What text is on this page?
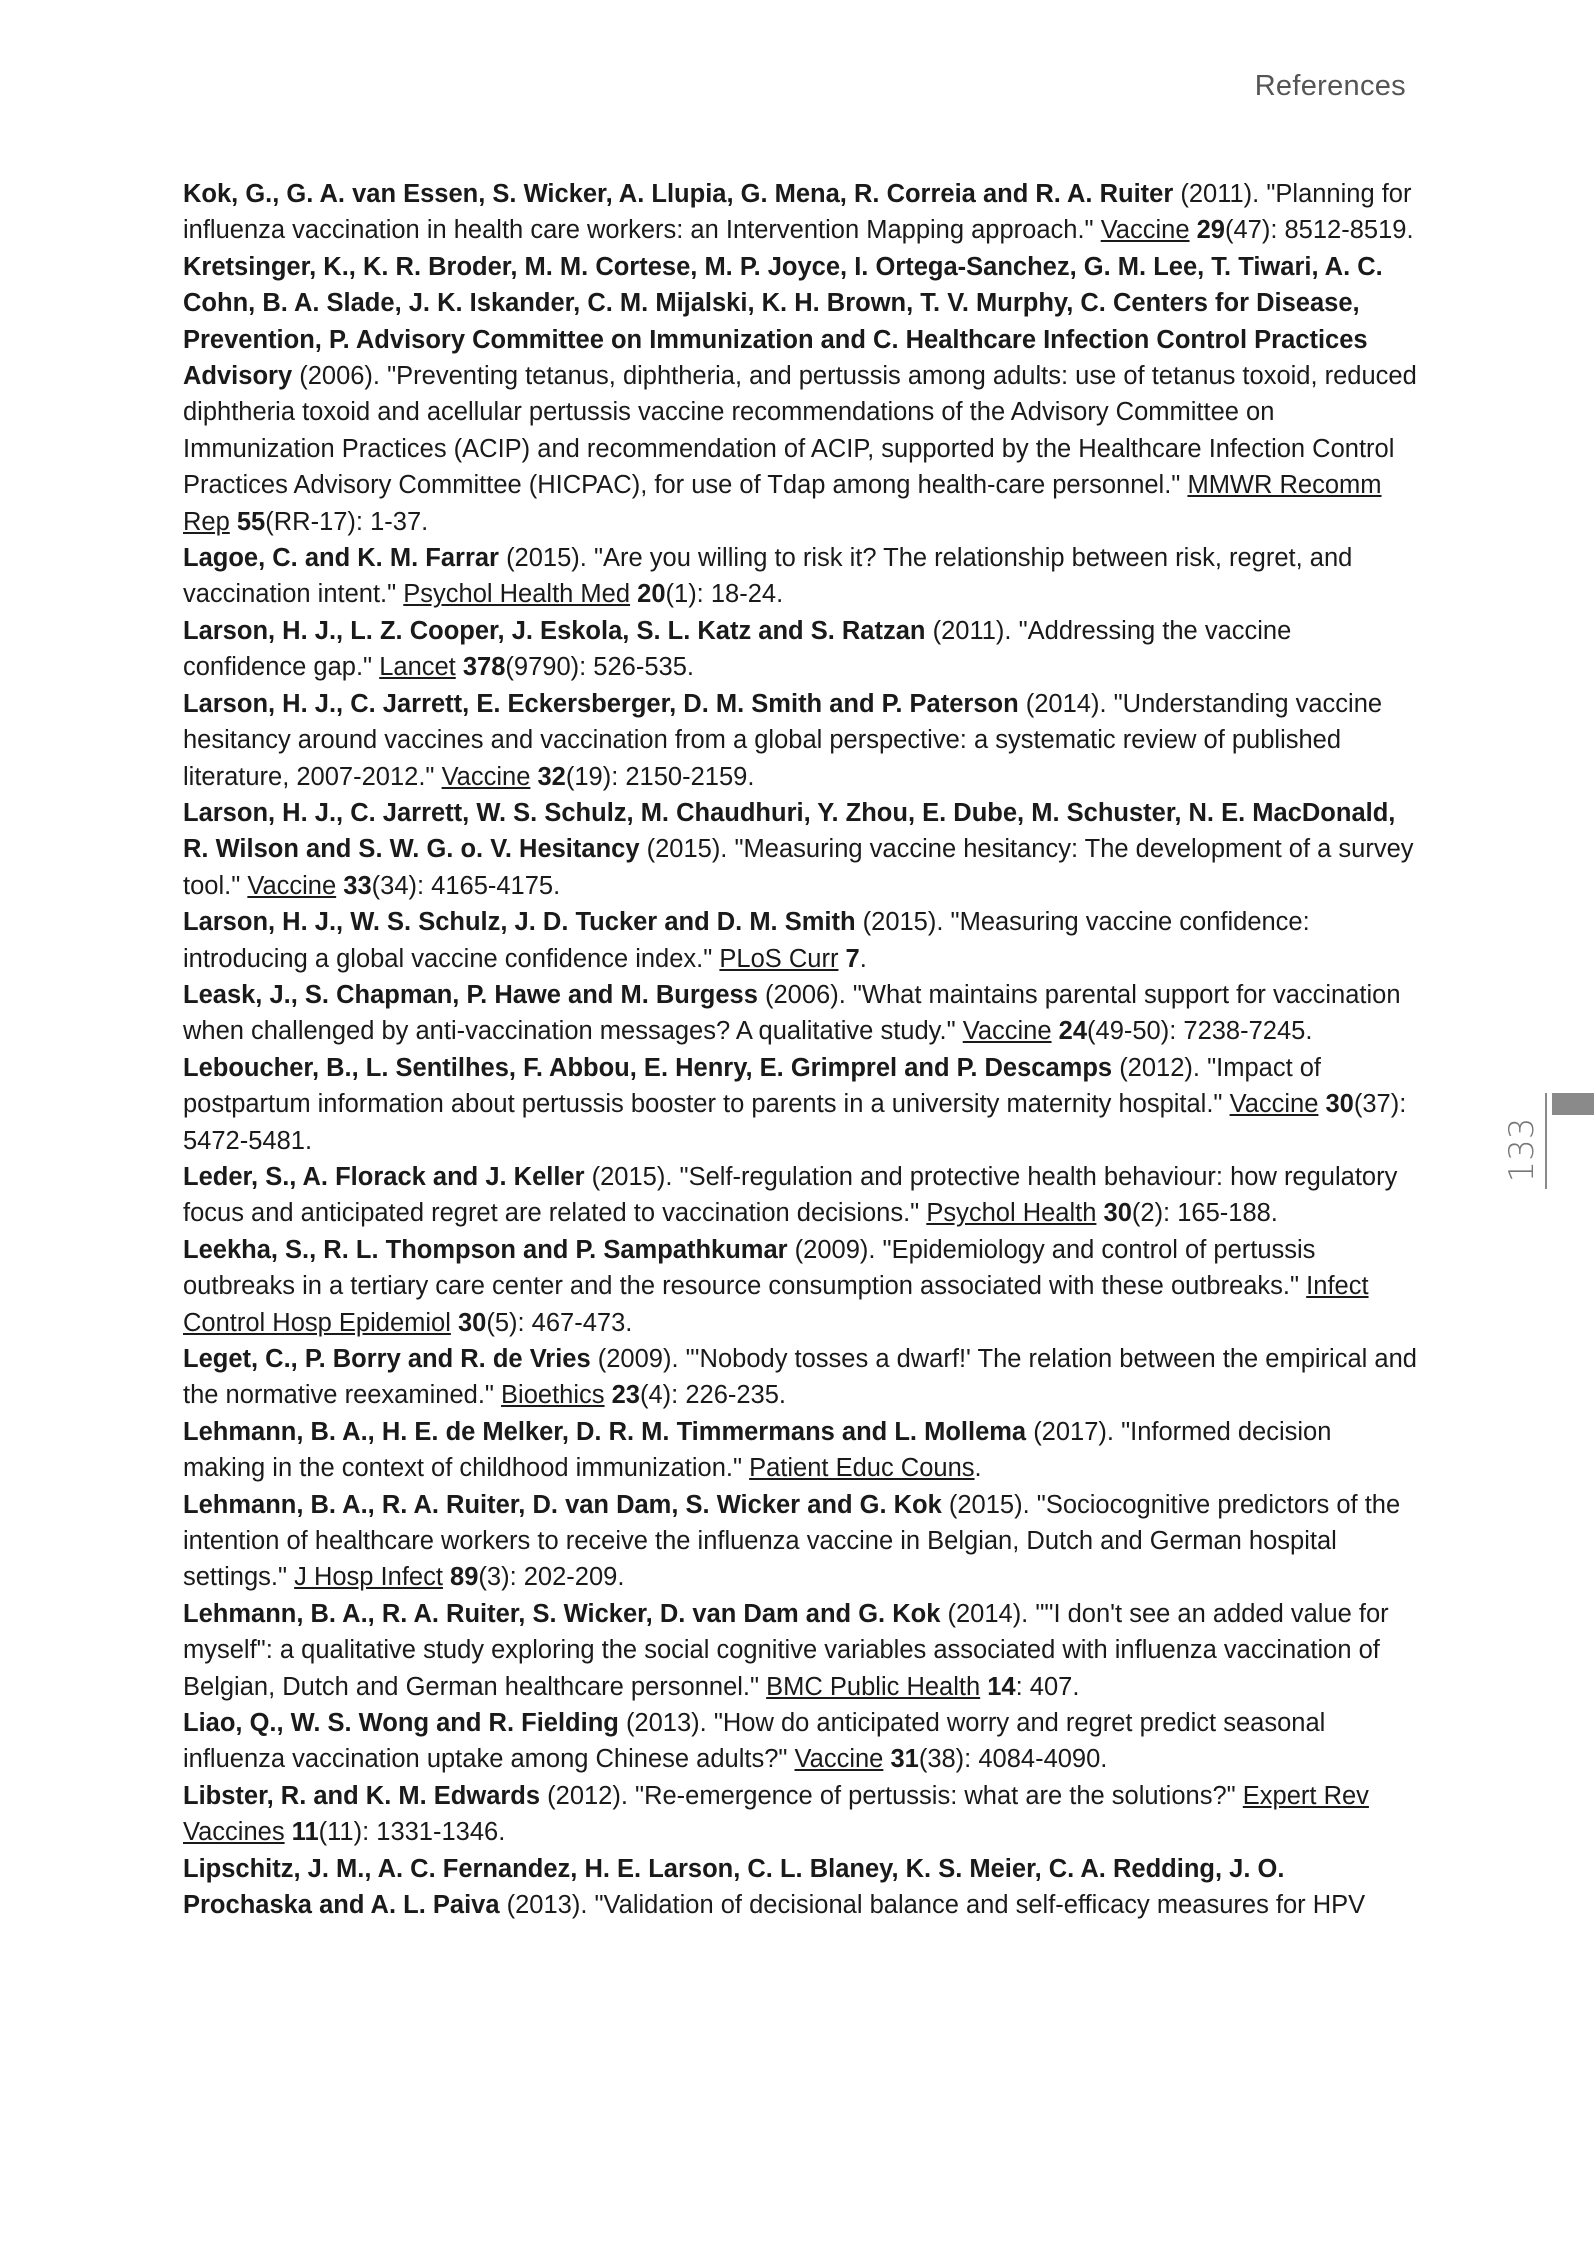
References

Kok, G., G. A. van Essen, S. Wicker, A. Llupia, G. Mena, R. Correia and R. A. Ruiter (2011). "Planning for influenza vaccination in health care workers: an Intervention Mapping approach." Vaccine 29(47): 8512-8519.

Kretsinger, K., K. R. Broder, M. M. Cortese, M. P. Joyce, I. Ortega-Sanchez, G. M. Lee, T. Tiwari, A. C. Cohn, B. A. Slade, J. K. Iskander, C. M. Mijalski, K. H. Brown, T. V. Murphy, C. Centers for Disease, Prevention, P. Advisory Committee on Immunization and C. Healthcare Infection Control Practices Advisory (2006). "Preventing tetanus, diphtheria, and pertussis among adults: use of tetanus toxoid, reduced diphtheria toxoid and acellular pertussis vaccine recommendations of the Advisory Committee on Immunization Practices (ACIP) and recommendation of ACIP, supported by the Healthcare Infection Control Practices Advisory Committee (HICPAC), for use of Tdap among health-care personnel." MMWR Recomm Rep 55(RR-17): 1-37.

Lagoe, C. and K. M. Farrar (2015). "Are you willing to risk it? The relationship between risk, regret, and vaccination intent." Psychol Health Med 20(1): 18-24.

Larson, H. J., L. Z. Cooper, J. Eskola, S. L. Katz and S. Ratzan (2011). "Addressing the vaccine confidence gap." Lancet 378(9790): 526-535.

Larson, H. J., C. Jarrett, E. Eckersberger, D. M. Smith and P. Paterson (2014). "Understanding vaccine hesitancy around vaccines and vaccination from a global perspective: a systematic review of published literature, 2007-2012." Vaccine 32(19): 2150-2159.

Larson, H. J., C. Jarrett, W. S. Schulz, M. Chaudhuri, Y. Zhou, E. Dube, M. Schuster, N. E. MacDonald, R. Wilson and S. W. G. o. V. Hesitancy (2015). "Measuring vaccine hesitancy: The development of a survey tool." Vaccine 33(34): 4165-4175.

Larson, H. J., W. S. Schulz, J. D. Tucker and D. M. Smith (2015). "Measuring vaccine confidence: introducing a global vaccine confidence index." PLoS Curr 7.

Leask, J., S. Chapman, P. Hawe and M. Burgess (2006). "What maintains parental support for vaccination when challenged by anti-vaccination messages? A qualitative study." Vaccine 24(49-50): 7238-7245.

Leboucher, B., L. Sentilhes, F. Abbou, E. Henry, E. Grimprel and P. Descamps (2012). "Impact of postpartum information about pertussis booster to parents in a university maternity hospital." Vaccine 30(37): 5472-5481.

Leder, S., A. Florack and J. Keller (2015). "Self-regulation and protective health behaviour: how regulatory focus and anticipated regret are related to vaccination decisions." Psychol Health 30(2): 165-188.

Leekha, S., R. L. Thompson and P. Sampathkumar (2009). "Epidemiology and control of pertussis outbreaks in a tertiary care center and the resource consumption associated with these outbreaks." Infect Control Hosp Epidemiol 30(5): 467-473.

Leget, C., P. Borry and R. de Vries (2009). "'Nobody tosses a dwarf!' The relation between the empirical and the normative reexamined." Bioethics 23(4): 226-235.

Lehmann, B. A., H. E. de Melker, D. R. M. Timmermans and L. Mollema (2017). "Informed decision making in the context of childhood immunization." Patient Educ Couns.

Lehmann, B. A., R. A. Ruiter, D. van Dam, S. Wicker and G. Kok (2015). "Sociocognitive predictors of the intention of healthcare workers to receive the influenza vaccine in Belgian, Dutch and German hospital settings." J Hosp Infect 89(3): 202-209.

Lehmann, B. A., R. A. Ruiter, S. Wicker, D. van Dam and G. Kok (2014). ""I don't see an added value for myself": a qualitative study exploring the social cognitive variables associated with influenza vaccination of Belgian, Dutch and German healthcare personnel." BMC Public Health 14: 407.

Liao, Q., W. S. Wong and R. Fielding (2013). "How do anticipated worry and regret predict seasonal influenza vaccination uptake among Chinese adults?" Vaccine 31(38): 4084-4090.

Libster, R. and K. M. Edwards (2012). "Re-emergence of pertussis: what are the solutions?" Expert Rev Vaccines 11(11): 1331-1346.

Lipschitz, J. M., A. C. Fernandez, H. E. Larson, C. L. Blaney, K. S. Meier, C. A. Redding, J. O. Prochaska and A. L. Paiva (2013). "Validation of decisional balance and self-efficacy measures for HPV

133
